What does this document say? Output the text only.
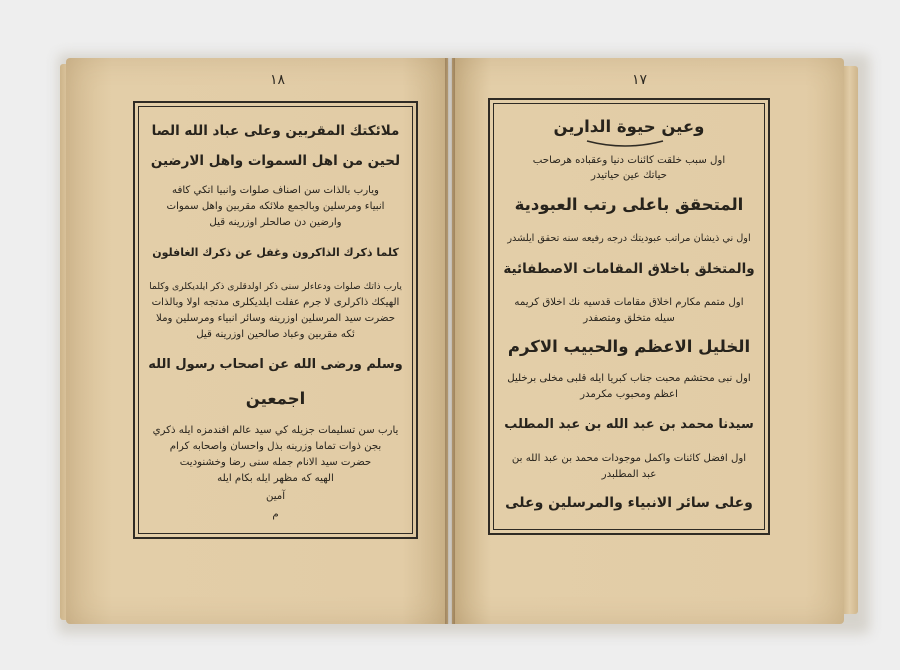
١٨	١٧
ملائكتك المقربين وعلى عباد الله الصا
لحين من اهل السموات واهل الارضين
ويارب بالذات سن اصناف صلوات وانبيا اتكي كافه
انبياء ومرسلين وبالجمع ملائكه مقربين واهل سموات
وارضين دن صالحلر اوزرينه قيل
كلما ذكرك الذاكرون وغفل عن ذكرك الغافلون
يارب ذاتك صلوات ودعاءلر سنى ذكر اولدقلرى ذكر ايلديكلرى وكلما
الهيكك ذاكرلرى لا جرم عفلت ايلديكلرى مدتجه اولا وبالذات
حضرت سيد المرسلين اوزرينه وسائر انبياء ومرسلين وملا
ئكه مقربين وعباد صالحين اوزرينه قيل
وسلم ورضى الله عن اصحاب رسول الله
اجمعين
يارب سن تسليمات جزيله كي سيد عالم افندمزه ايله ذكري
بجن ذوات تماما وزرينه بذل واحسان واصحابه كرام
حضرت سيد الانام جمله سنى رضا وخشنوديت
الهيه كه مظهر ايله بكام ايله
آمين
م
وعين حيوة الدارين
اول سبب خلقت كائنات دنيا وعقباده هرصاحب
حياتك عين حياتيدر
المتحقق باعلى رتب العبودية
اول ني ذيشان مراتب عبوديتك درجه رفيعه سنه تحقق ايلشدر
والمتخلق باخلاق المقامات الاصطفائية
اول متمم مكارم اخلاق مقامات قدسيه نك اخلاق كريمه
سيله متخلق ومتصفدر
الخليل الاعظم والحبيب الاكرم
اول نبى محتشم محبت جناب كبريا ايله قلبى مخلى برخليل
اعظم ومحبوب مكرمدر
سيدنا محمد بن عبد الله بن عبد المطلب
اول افضل كائنات واكمل موجودات محمد بن عبد الله بن
عبد المطلبدر
وعلى سائر الانبياء والمرسلين وعلى
